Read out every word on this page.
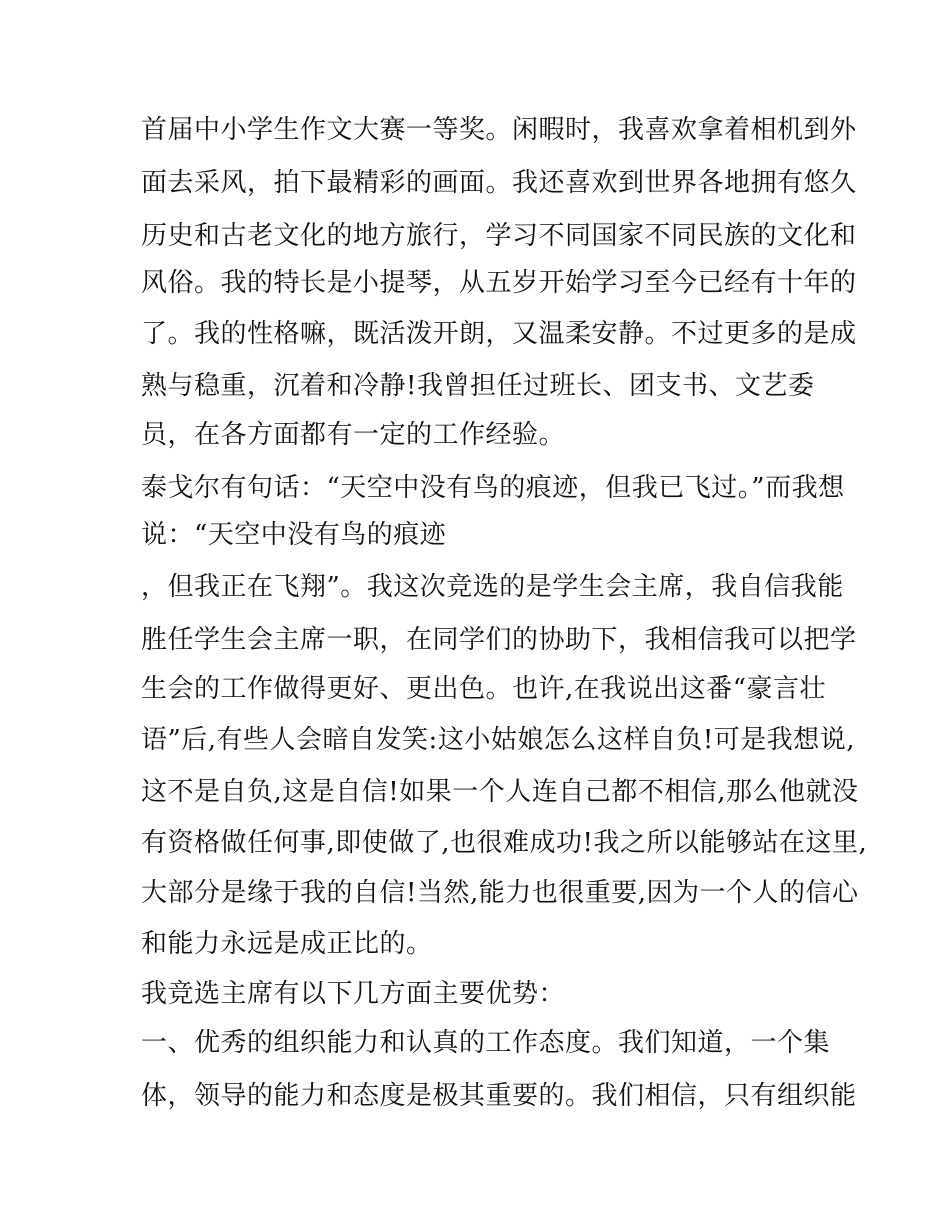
首届中小学生作文大赛一等奖。闲暇时，我喜欢拿着相机到外
面去采风，拍下最精彩的画面。我还喜欢到世界各地拥有悠久
历史和古老文化的地方旅行，学习不同国家不同民族的文化和
风俗。我的特长是小提琴，从五岁开始学习至今已经有十年的
了。我的性格嘛，既活泼开朗，又温柔安静。不过更多的是成
熟与稳重，沉着和冷静!我曾担任过班长、团支书、文艺委
员，在各方面都有一定的工作经验。
泰戈尔有句话：“天空中没有鸟的痕迹，但我已飞过。”而我想
说：“天空中没有鸟的痕迹
，但我正在飞翔”。我这次竞选的是学生会主席，我自信我能
胜任学生会主席一职，在同学们的协助下，我相信我可以把学
生会的工作做得更好、更出色。也许,在我说出这番“豪言壮
语”后,有些人会暗自发笑:这小姑娘怎么这样自负!可是我想说,
这不是自负,这是自信!如果一个人连自己都不相信,那么他就没
有资格做任何事,即使做了,也很难成功!我之所以能够站在这里,
大部分是缘于我的自信!当然,能力也很重要,因为一个人的信心
和能力永远是成正比的。
我竞选主席有以下几方面主要优势：
一、优秀的组织能力和认真的工作态度。我们知道，一个集
体，领导的能力和态度是极其重要的。我们相信，只有组织能
